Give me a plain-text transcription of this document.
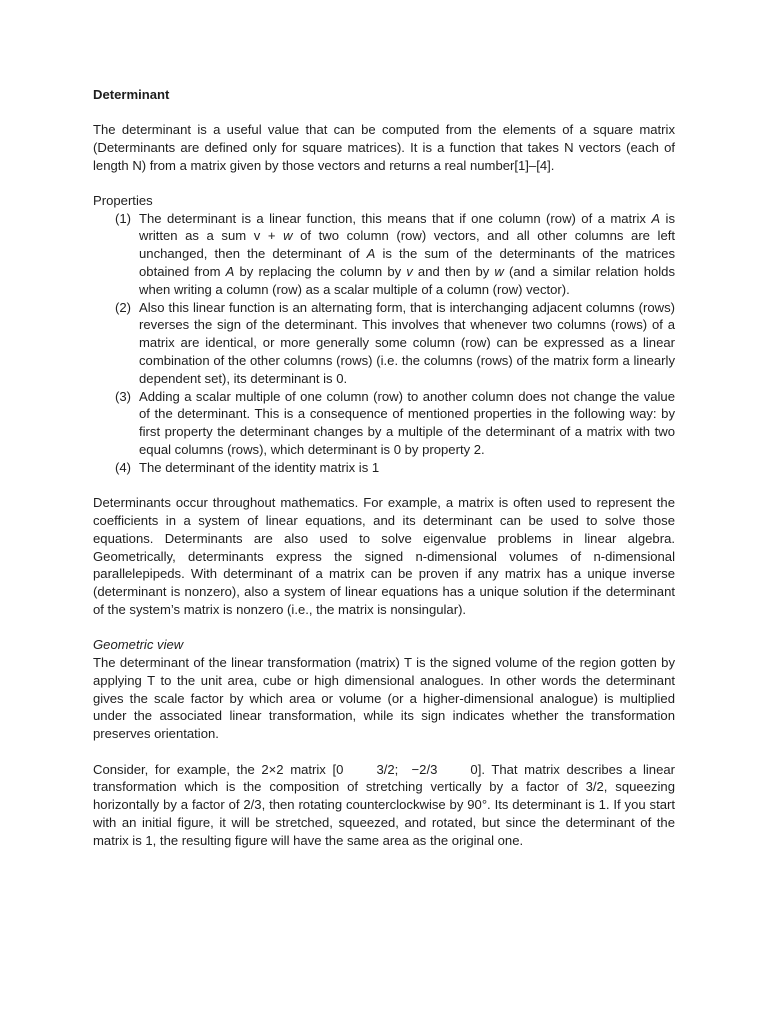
Determinant

The determinant is a useful value that can be computed from the elements of a square matrix (Determinants are defined only for square matrices). It is a function that takes N vectors (each of length N) from a matrix given by those vectors and returns a real number[1]–[4].

Properties

(1) The determinant is a linear function, this means that if one column (row) of a matrix A is written as a sum v + w of two column (row) vectors, and all other columns are left unchanged, then the determinant of A is the sum of the determinants of the matrices obtained from A by replacing the column by v and then by w (and a similar relation holds when writing a column (row) as a scalar multiple of a column (row) vector).
(2) Also this linear function is an alternating form, that is interchanging adjacent columns (rows) reverses the sign of the determinant. This involves that whenever two columns (rows) of a matrix are identical, or more generally some column (row) can be expressed as a linear combination of the other columns (rows) (i.e. the columns (rows) of the matrix form a linearly dependent set), its determinant is 0.
(3) Adding a scalar multiple of one column (row) to another column does not change the value of the determinant. This is a consequence of mentioned properties in the following way: by first property the determinant changes by a multiple of the determinant of a matrix with two equal columns (rows), which determinant is 0 by property 2.
(4) The determinant of the identity matrix is 1

Determinants occur throughout mathematics. For example, a matrix is often used to represent the coefficients in a system of linear equations, and its determinant can be used to solve those equations. Determinants are also used to solve eigenvalue problems in linear algebra. Geometrically, determinants express the signed n-dimensional volumes of n-dimensional parallelepipeds. With determinant of a matrix can be proven if any matrix has a unique inverse (determinant is nonzero), also a system of linear equations has a unique solution if the determinant of the system’s matrix is nonzero (i.e., the matrix is nonsingular).

Geometric view

The determinant of the linear transformation (matrix) T is the signed volume of the region gotten by applying T to the unit area, cube or high dimensional analogues. In other words the determinant gives the scale factor by which area or volume (or a higher-dimensional analogue) is multiplied under the associated linear transformation, while its sign indicates whether the transformation preserves orientation.

Consider, for example, the 2×2 matrix [0     3/2;  −2/3     0]. That matrix describes a linear transformation which is the composition of stretching vertically by a factor of 3/2, squeezing horizontally by a factor of 2/3, then rotating counterclockwise by 90°. Its determinant is 1. If you start with an initial figure, it will be stretched, squeezed, and rotated, but since the determinant of the matrix is 1, the resulting figure will have the same area as the original one.
